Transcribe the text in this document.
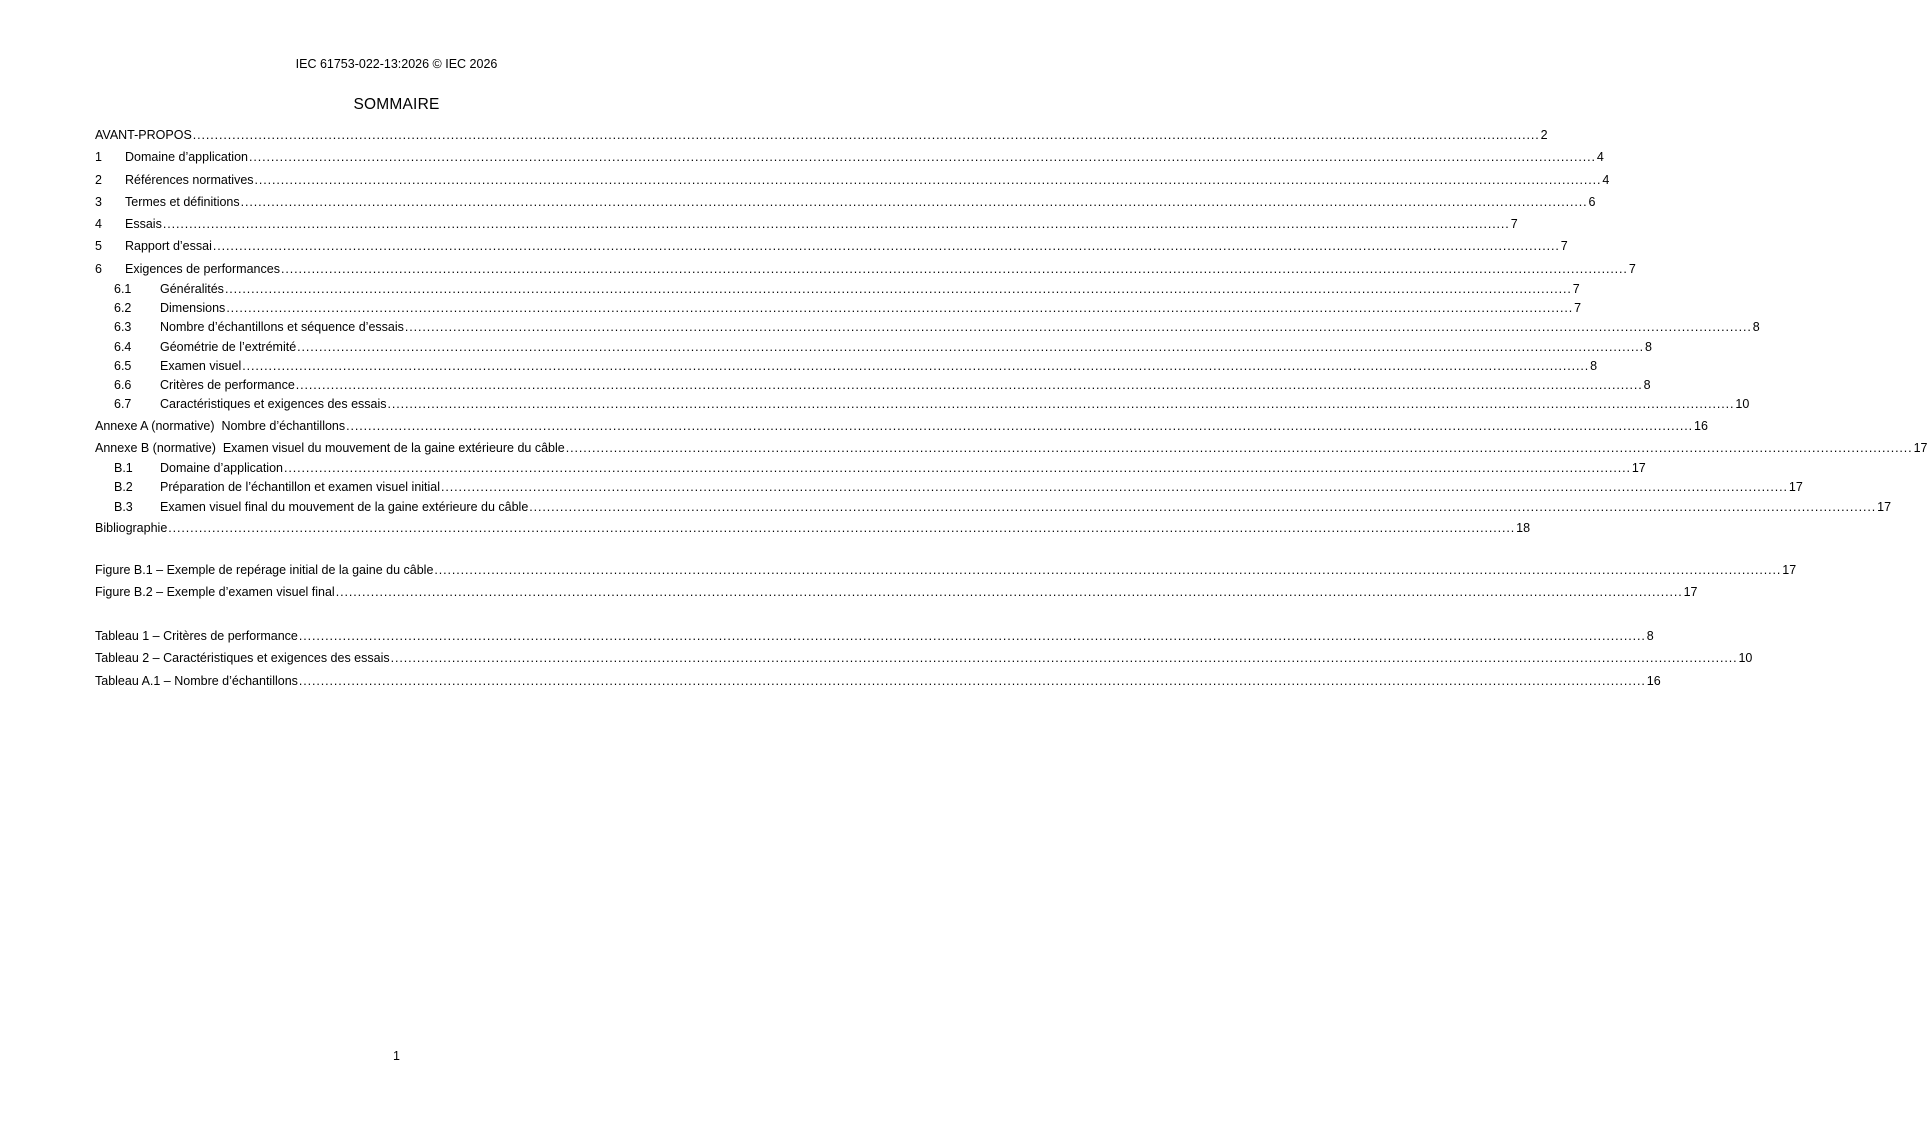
IEC 61753-022-13:2026 © IEC 2026
SOMMAIRE
AVANT-PROPOS .....	2
1	Domaine d’application .....	4
2	Références normatives .....	4
3	Termes et définitions .....	6
4	Essais .....	7
5	Rapport d’essai .....	7
6	Exigences de performances .....	7
6.1	Généralités .....	7
6.2	Dimensions .....	7
6.3	Nombre d’échantillons et séquence d’essais .....	8
6.4	Géométrie de l’extrémité .....	8
6.5	Examen visuel .....	8
6.6	Critères de performance .....	8
6.7	Caractéristiques et exigences des essais .....	10
Annexe A (normative)  Nombre d’échantillons .....	16
Annexe B (normative)  Examen visuel du mouvement de la gaine extérieure du câble .....	17
B.1	Domaine d’application .....	17
B.2	Préparation de l’échantillon et examen visuel initial .....	17
B.3	Examen visuel final du mouvement de la gaine extérieure du câble .....	17
Bibliographie .....	18
Figure B.1 – Exemple de repérage initial de la gaine du câble .....	17
Figure B.2 – Exemple d’examen visuel final .....	17
Tableau 1 – Critères de performance .....	8
Tableau 2 – Caractéristiques et exigences des essais .....	10
Tableau A.1 – Nombre d’échantillons .....	16
1
